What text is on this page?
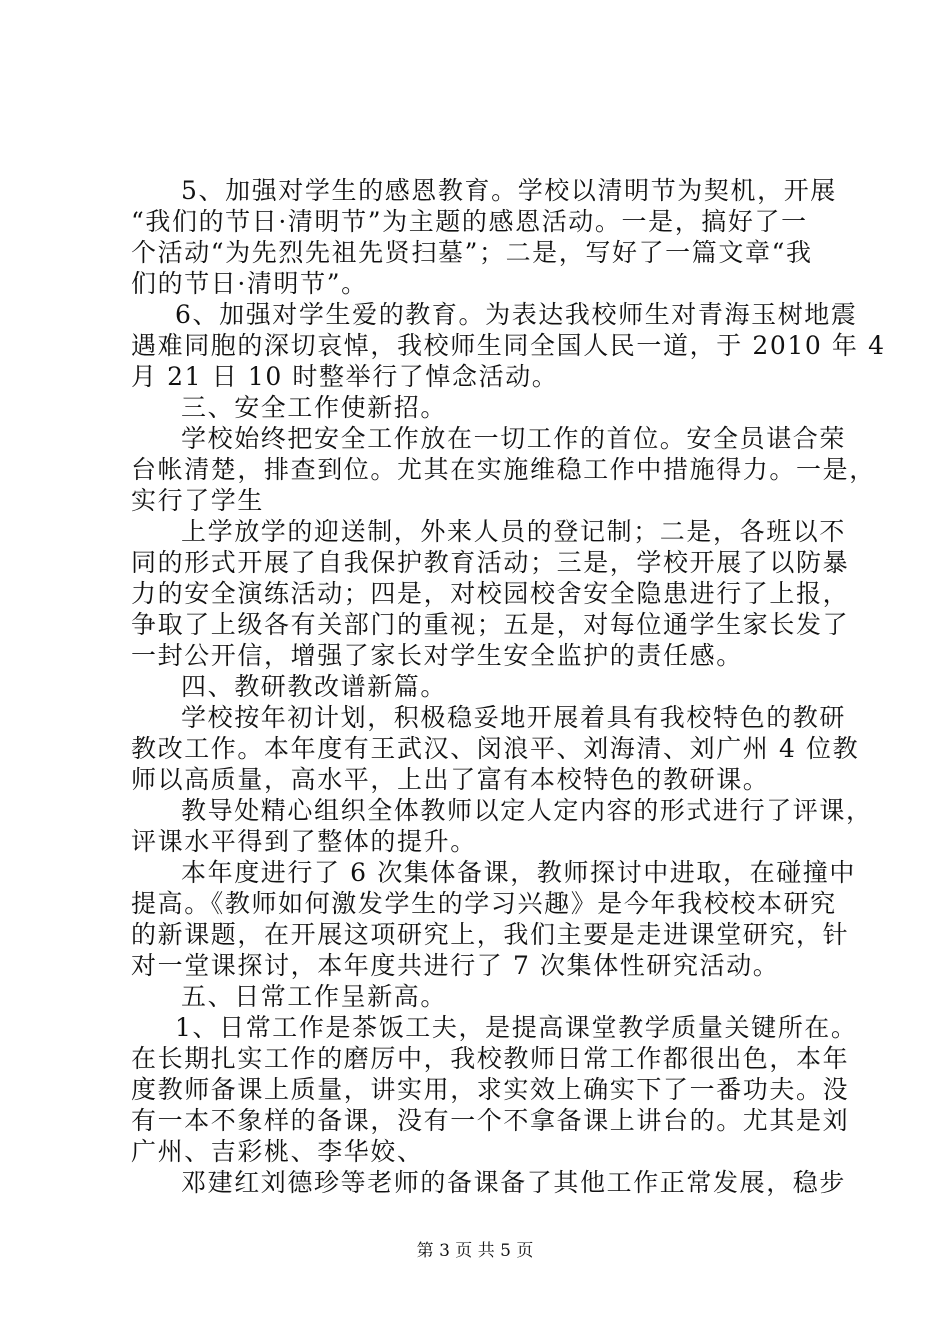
5、加强对学生的感恩教育。学校以清明节为契机，开展
“我们的节日·清明节”为主题的感恩活动。一是，搞好了一
个活动“为先烈先祖先贤扫墓”；二是，写好了一篇文章“我
们的节日·清明节”。
6、加强对学生爱的教育。为表达我校师生对青海玉树地震
遇难同胞的深切哀悼，我校师生同全国人民一道，于 2010 年 4
月 21 日 10 时整举行了悼念活动。
三、安全工作使新招。
学校始终把安全工作放在一切工作的首位。安全员谌合荣
台帐清楚，排查到位。尤其在实施维稳工作中措施得力。一是，
实行了学生
上学放学的迎送制，外来人员的登记制；二是，各班以不
同的形式开展了自我保护教育活动；三是，学校开展了以防暴
力的安全演练活动；四是，对校园校舍安全隐患进行了上报，
争取了上级各有关部门的重视；五是，对每位通学生家长发了
一封公开信，增强了家长对学生安全监护的责任感。
四、教研教改谱新篇。
学校按年初计划，积极稳妥地开展着具有我校特色的教研
教改工作。本年度有王武汉、闵浪平、刘海清、刘广州 4 位教
师以高质量，高水平，上出了富有本校特色的教研课。
教导处精心组织全体教师以定人定内容的形式进行了评课，
评课水平得到了整体的提升。
本年度进行了 6 次集体备课，教师探讨中进取，在碰撞中
提高。《教师如何激发学生的学习兴趣》是今年我校校本研究
的新课题，在开展这项研究上，我们主要是走进课堂研究，针
对一堂课探讨，本年度共进行了 7 次集体性研究活动。
五、日常工作呈新高。
1、日常工作是茶饭工夫，是提高课堂教学质量关键所在。
在长期扎实工作的磨厉中，我校教师日常工作都很出色，本年
度教师备课上质量，讲实用，求实效上确实下了一番功夫。没
有一本不象样的备课，没有一个不拿备课上讲台的。尤其是刘
广州、吉彩桃、李华姣、
邓建红刘德珍等老师的备课备了其他工作正常发展，稳步
第 3 页 共 5 页
